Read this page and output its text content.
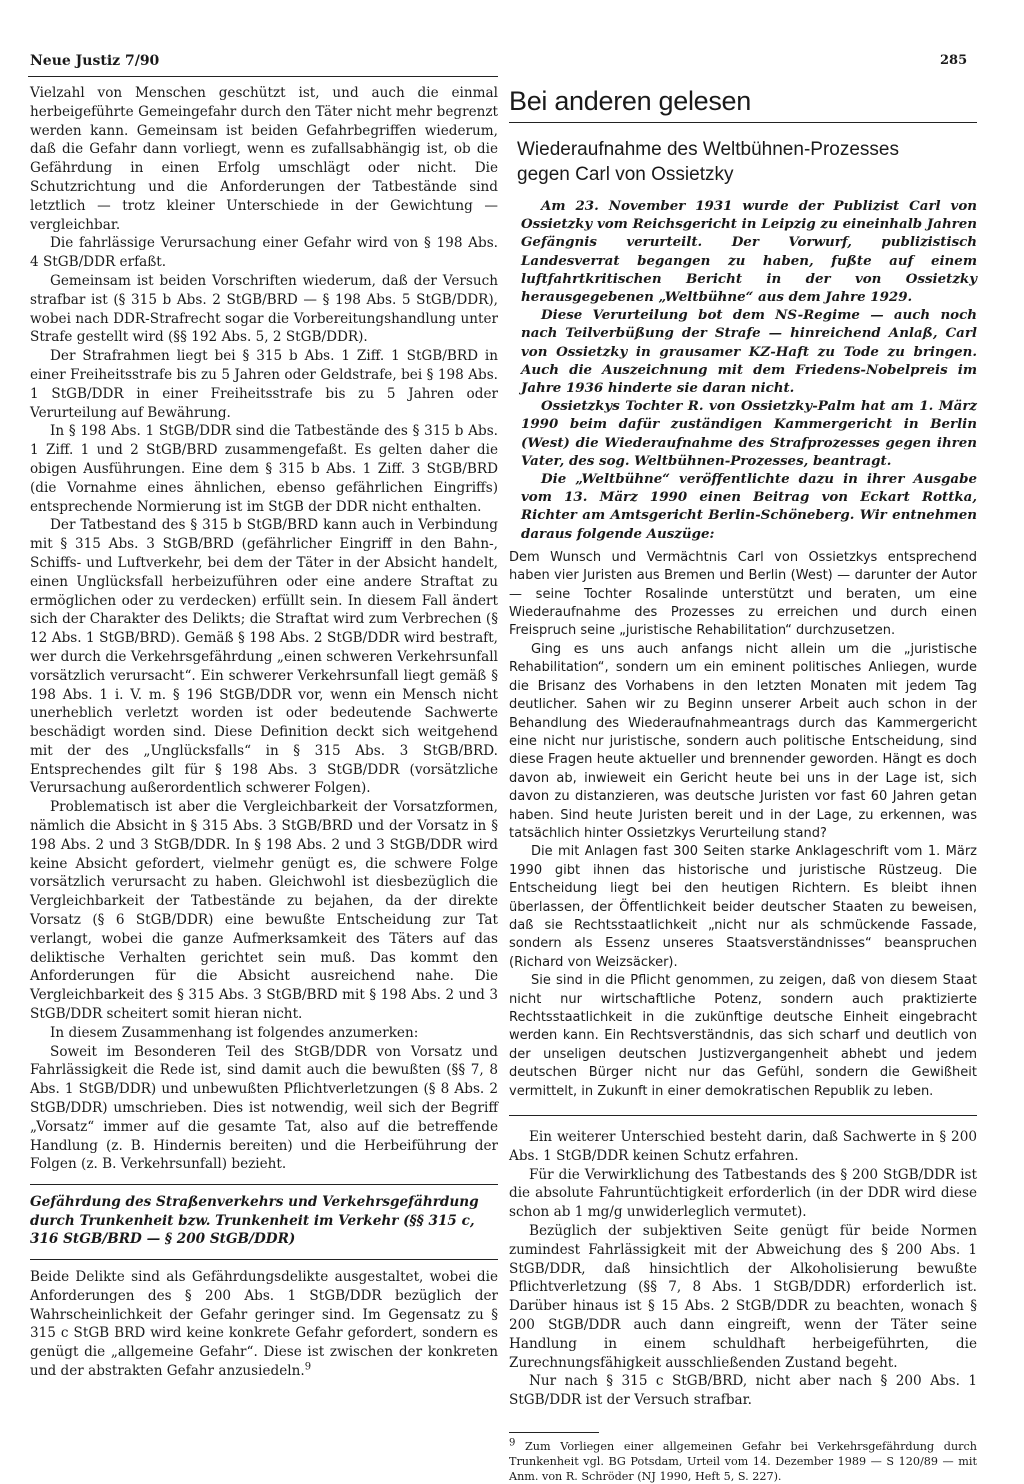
Neue Justiz 7/90	285

Vielzahl von Menschen geschützt ist, und auch die einmal herbeigeführte Gemeingefahr durch den Täter nicht mehr begrenzt werden kann. Gemeinsam ist beiden Gefahrbegriffen wiederum, daß die Gefahr dann vorliegt, wenn es zufallsabhängig ist, ob die Gefährdung in einen Erfolg umschlägt oder nicht. Die Schutzrichtung und die Anforderungen der Tatbestände sind letztlich — trotz kleiner Unterschiede in der Gewichtung — vergleichbar.

Die fahrlässige Verursachung einer Gefahr wird von § 198 Abs. 4 StGB/DDR erfaßt.

Gemeinsam ist beiden Vorschriften wiederum, daß der Versuch strafbar ist (§ 315 b Abs. 2 StGB/BRD — § 198 Abs. 5 StGB/DDR), wobei nach DDR-Strafrecht sogar die Vorbereitungshandlung unter Strafe gestellt wird (§§ 192 Abs. 5, 2 StGB/DDR).

Der Strafrahmen liegt bei § 315 b Abs. 1 Ziff. 1 StGB/BRD in einer Freiheitsstrafe bis zu 5 Jahren oder Geldstrafe, bei § 198 Abs. 1 StGB/DDR in einer Freiheitsstrafe bis zu 5 Jahren oder Verurteilung auf Bewährung.

In § 198 Abs. 1 StGB/DDR sind die Tatbestände des § 315 b Abs. 1 Ziff. 1 und 2 StGB/BRD zusammengefaßt. Es gelten daher die obigen Ausführungen. Eine dem § 315 b Abs. 1 Ziff. 3 StGB/BRD (die Vornahme eines ähnlichen, ebenso gefährlichen Eingriffs) entsprechende Normierung ist im StGB der DDR nicht enthalten.

Der Tatbestand des § 315 b StGB/BRD kann auch in Verbindung mit § 315 Abs. 3 StGB/BRD (gefährlicher Eingriff in den Bahn-, Schiffs- und Luftverkehr, bei dem der Täter in der Absicht handelt, einen Unglücksfall herbeizuführen oder eine andere Straftat zu ermöglichen oder zu verdecken) erfüllt sein. In diesem Fall ändert sich der Charakter des Delikts; die Straftat wird zum Verbrechen (§ 12 Abs. 1 StGB/BRD). Gemäß § 198 Abs. 2 StGB/DDR wird bestraft, wer durch die Verkehrsgefährdung „einen schweren Verkehrsunfall vorsätzlich verursacht“. Ein schwerer Verkehrsunfall liegt gemäß § 198 Abs. 1 i. V. m. § 196 StGB/DDR vor, wenn ein Mensch nicht unerheblich verletzt worden ist oder bedeutende Sachwerte beschädigt worden sind. Diese Definition deckt sich weitgehend mit der des „Unglücksfalls“ in § 315 Abs. 3 StGB/BRD. Entsprechendes gilt für § 198 Abs. 3 StGB/DDR (vorsätzliche Verursachung außerordentlich schwerer Folgen).

Problematisch ist aber die Vergleichbarkeit der Vorsatzformen, nämlich die Absicht in § 315 Abs. 3 StGB/BRD und der Vorsatz in § 198 Abs. 2 und 3 StGB/DDR. In § 198 Abs. 2 und 3 StGB/DDR wird keine Absicht gefordert, vielmehr genügt es, die schwere Folge vorsätzlich verursacht zu haben. Gleichwohl ist diesbezüglich die Vergleichbarkeit der Tatbestände zu bejahen, da der direkte Vorsatz (§ 6 StGB/DDR) eine bewußte Entscheidung zur Tat verlangt, wobei die ganze Aufmerksamkeit des Täters auf das deliktische Verhalten gerichtet sein muß. Das kommt den Anforderungen für die Absicht ausreichend nahe. Die Vergleichbarkeit des § 315 Abs. 3 StGB/BRD mit § 198 Abs. 2 und 3 StGB/DDR scheitert somit hieran nicht.

In diesem Zusammenhang ist folgendes anzumerken:

Soweit im Besonderen Teil des StGB/DDR von Vorsatz und Fahrlässigkeit die Rede ist, sind damit auch die bewußten (§§ 7, 8 Abs. 1 StGB/DDR) und unbewußten Pflichtverletzungen (§ 8 Abs. 2 StGB/DDR) umschrieben. Dies ist notwendig, weil sich der Begriff „Vorsatz“ immer auf die gesamte Tat, also auf die betreffende Handlung (z. B. Hindernis bereiten) und die Herbeiführung der Folgen (z. B. Verkehrsunfall) bezieht.

Gefährdung des Straßenverkehrs und Verkehrsgefährdung durch Trunkenheit bzw. Trunkenheit im Verkehr (§§ 315 c, 316 StGB/BRD — § 200 StGB/DDR)

Beide Delikte sind als Gefährdungsdelikte ausgestaltet, wobei die Anforderungen des § 200 Abs. 1 StGB/DDR bezüglich der Wahrscheinlichkeit der Gefahr geringer sind. Im Gegensatz zu § 315 c StGB BRD wird keine konkrete Gefahr gefordert, sondern es genügt die „allgemeine Gefahr“. Diese ist zwischen der konkreten und der abstrakten Gefahr anzusiedeln.$^9$

Bei anderen gelesen
Wiederaufnahme des Weltbühnen-Prozesses
gegen Carl von Ossietzky

Am 23. November 1931 wurde der Publizist Carl von Ossietzky vom Reichsgericht in Leipzig zu eineinhalb Jahren Gefängnis verurteilt. Der Vorwurf, publizistisch Landesverrat begangen zu haben, fußte auf einem luftfahrtkritischen Bericht in der von Ossietzky herausgegebenen „Weltbühne“ aus dem Jahre 1929.

Diese Verurteilung bot dem NS-Regime — auch noch nach Teilverbüßung der Strafe — hinreichend Anlaß, Carl von Ossietzky in grausamer KZ-Haft zu Tode zu bringen. Auch die Auszeichnung mit dem Friedens-Nobelpreis im Jahre 1936 hinderte sie daran nicht.

Ossietzkys Tochter R. von Ossietzky-Palm hat am 1. März 1990 beim dafür zuständigen Kammergericht in Berlin (West) die Wiederaufnahme des Strafprozesses gegen ihren Vater, des sog. Weltbühnen-Prozesses, beantragt.

Die „Weltbühne“ veröffentlichte dazu in ihrer Ausgabe vom 13. März 1990 einen Beitrag von Eckart Rottka, Richter am Amtsgericht Berlin-Schöneberg. Wir entnehmen daraus folgende Auszüge:

Dem Wunsch und Vermächtnis Carl von Ossietzkys entsprechend haben vier Juristen aus Bremen und Berlin (West) — darunter der Autor — seine Tochter Rosalinde unterstützt und beraten, um eine Wiederaufnahme des Prozesses zu erreichen und durch einen Freispruch seine „juristische Rehabilitation“ durchzusetzen.

Ging es uns auch anfangs nicht allein um die „juristische Rehabilitation“, sondern um ein eminent politisches Anliegen, wurde die Brisanz des Vorhabens in den letzten Monaten mit jedem Tag deutlicher. Sahen wir zu Beginn unserer Arbeit auch schon in der Behandlung des Wiederaufnahmeantrags durch das Kammergericht eine nicht nur juristische, sondern auch politische Entscheidung, sind diese Fragen heute aktueller und brennender geworden. Hängt es doch davon ab, inwieweit ein Gericht heute bei uns in der Lage ist, sich davon zu distanzieren, was deutsche Juristen vor fast 60 Jahren getan haben. Sind heute Juristen bereit und in der Lage, zu erkennen, was tatsächlich hinter Ossietzkys Verurteilung stand?

Die mit Anlagen fast 300 Seiten starke Anklageschrift vom 1. März 1990 gibt ihnen das historische und juristische Rüstzeug. Die Entscheidung liegt bei den heutigen Richtern. Es bleibt ihnen überlassen, der Öffentlichkeit beider deutscher Staaten zu beweisen, daß sie Rechtsstaatlichkeit „nicht nur als schmückende Fassade, sondern als Essenz unseres Staatsverständnisses“ beanspruchen (Richard von Weizsäcker).

Sie sind in die Pflicht genommen, zu zeigen, daß von diesem Staat nicht nur wirtschaftliche Potenz, sondern auch praktizierte Rechtsstaatlichkeit in die zukünftige deutsche Einheit eingebracht werden kann. Ein Rechtsverständnis, das sich scharf und deutlich von der unseligen deutschen Justizvergangenheit abhebt und jedem deutschen Bürger nicht nur das Gefühl, sondern die Gewißheit vermittelt, in Zukunft in einer demokratischen Republik zu leben.

Ein weiterer Unterschied besteht darin, daß Sachwerte in § 200 Abs. 1 StGB/DDR keinen Schutz erfahren.

Für die Verwirklichung des Tatbestands des § 200 StGB/DDR ist die absolute Fahruntüchtigkeit erforderlich (in der DDR wird diese schon ab 1 mg/g unwiderleglich vermutet).

Bezüglich der subjektiven Seite genügt für beide Normen zumindest Fahrlässigkeit mit der Abweichung des § 200 Abs. 1 StGB/DDR, daß hinsichtlich der Alkoholisierung bewußte Pflichtverletzung (§§ 7, 8 Abs. 1 StGB/DDR) erforderlich ist. Darüber hinaus ist § 15 Abs. 2 StGB/DDR zu beachten, wonach § 200 StGB/DDR auch dann eingreift, wenn der Täter seine Handlung in einem schuldhaft herbeigeführten, die Zurechnungsfähigkeit ausschließenden Zustand begeht.

Nur nach § 315 c StGB/BRD, nicht aber nach § 200 Abs. 1 StGB/DDR ist der Versuch strafbar.

9 Zum Vorliegen einer allgemeinen Gefahr bei Verkehrsgefährdung durch Trunkenheit vgl. BG Potsdam, Urteil vom 14. Dezember 1989 — S 120/89 — mit Anm. von R. Schröder (NJ 1990, Heft 5, S. 227).
